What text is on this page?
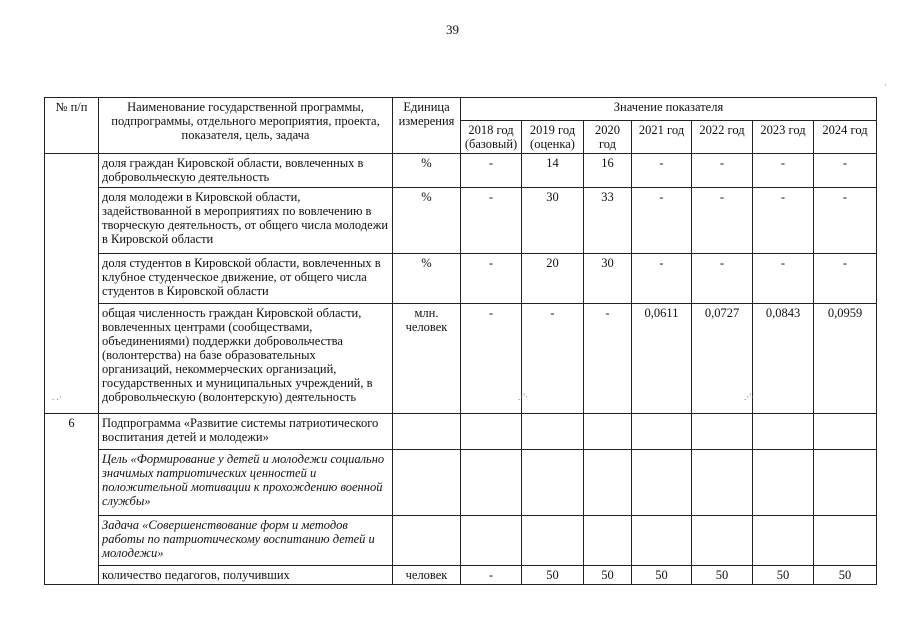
39
№ п/п	Наименование государственной программы, подпрограммы, отдельного мероприятия, проекта, показателя, цель, задача	Единица измерения	Значение показателя						
			2018 год (базовый)	2019 год (оценка)	2020 год	2021 год	2022 год	2023 год	2024 год
	доля граждан Кировской области, вовлеченных в добровольческую деятельность	%	-	14	16	-	-	-	-
	доля молодежи в Кировской области, задействованной в мероприятиях по вовлечению в творческую деятельность, от общего числа молодежи в Кировской области	%	-	30	33	-	-	-	-
	доля студентов в Кировской области, вовлеченных в клубное студенческое движение, от общего числа студентов в Кировской области	%	-	20	30	-	-	-	-
	общая численность граждан Кировской области, вовлеченных центрами (сообществами, объединениями) поддержки добровольчества (волонтерства) на базе образовательных организаций, некоммерческих организаций, государственных и муниципальных учреждений, в добровольческую (волонтерскую) деятельность	млн. человек	-	-	-	0,0611	0,0727	0,0843	0,0959
6	Подпрограмма «Развитие системы патриотического воспитания детей и молодежи»								
	Цель «Формирование у детей и молодежи социально значимых патриотических ценностей и положительной мотивации к прохождению военной службы»								
	Задача «Совершенствование форм и методов работы по патриотическому воспитанию детей и молодежи»								
	количество педагогов, получивших	человек	-	50	50	50	50	50	50
. .·	.·'·	.·'·
·
